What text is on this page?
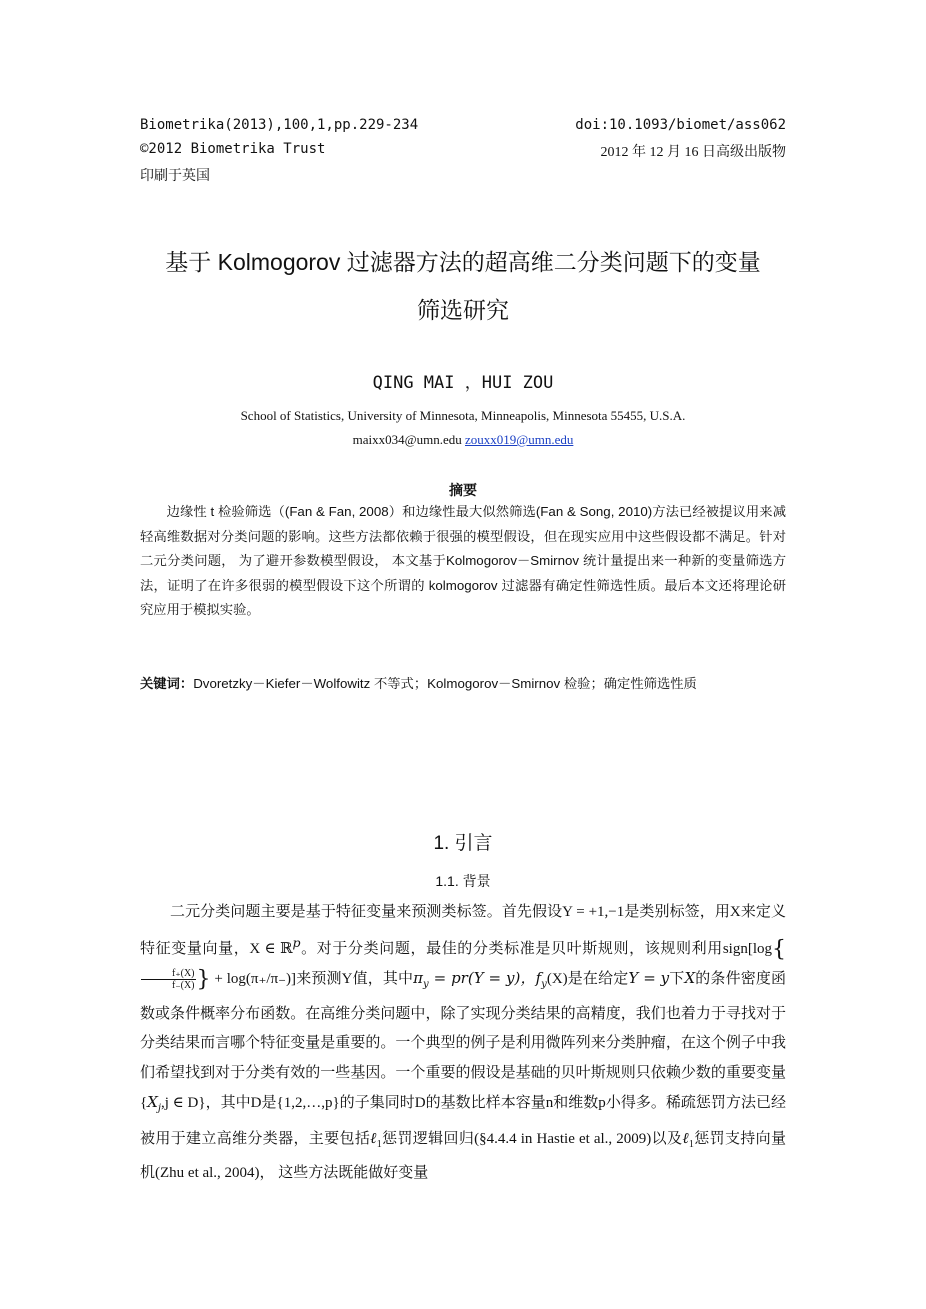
Biometrika(2013),100,1,pp.229-234	doi:10.1093/biomet/ass062
©2012 Biometrika Trust	2012 年 12 月 16 日高级出版物
印刷于英国
基于 Kolmogorov 过滤器方法的超高维二分类问题下的变量
筛选研究
QING MAI ，HUI ZOU
School of Statistics, University of Minnesota, Minneapolis, Minnesota 55455, U.S.A.
maixx034@umn.edu zouxx019@umn.edu
摘要
边缘性 t 检验筛选（(Fan & Fan, 2008）和边缘性最大似然筛选(Fan & Song, 2010)方法已经被提议用来减轻高维数据对分类问题的影响。这些方法都依赖于很强的模型假设，但在现实应用中这些假设都不满足。针对二元分类问题， 为了避开参数模型假设， 本文基于Kolmogorov－Smirnov 统计量提出来一种新的变量筛选方法，证明了在许多很弱的模型假设下这个所谓的 kolmogorov 过滤器有确定性筛选性质。最后本文还将理论研究应用于模拟实验。
关键词：Dvoretzky－Kiefer－Wolfowitz 不等式；Kolmogorov－Smirnov 检验；确定性筛选性质
1. 引言
1.1. 背景
二元分类问题主要是基于特征变量来预测类标签。首先假设Y = +1,−1是类别标签，用X来定义特征变量向量，X ∈ ℝ$^p$。对于分类问题，最佳的分类标准是贝叶斯规则，该规则利用sign[log{
$\frac{f_+(X)}{f_-(X)}$ } + log(π₊/π₋)]来预测Y值，其中$\pi_y = pr(Y = y)$，$f_y(X)$是在给定Y = y下X的条件密度函数或条件概率分布函数。在高维分类问题中，除了实现分类结果的高精度，我们也着力于寻找对于分类结果而言哪个特征变量是重要的。一个典型的例子是利用微阵列来分类肿瘤，在这个例子中我们希望找到对于分类有效的一些基因。一个重要的假设是基础的贝叶斯规则只依赖少数的重要变量{$X_j,j$ ∈ D}，其中D是{1,2,…,p}的子集同时D的基数比样本容量n和维数p小得多。稀疏惩罚方法已经被用于建立高维分类器，主要包括ℓ$_1$惩罚逻辑回归(§4.4.4 in Hastie et al., 2009)以及ℓ$_1$惩罚支持向量机(Zhu et al., 2004)， 这些方法既能做好变量
